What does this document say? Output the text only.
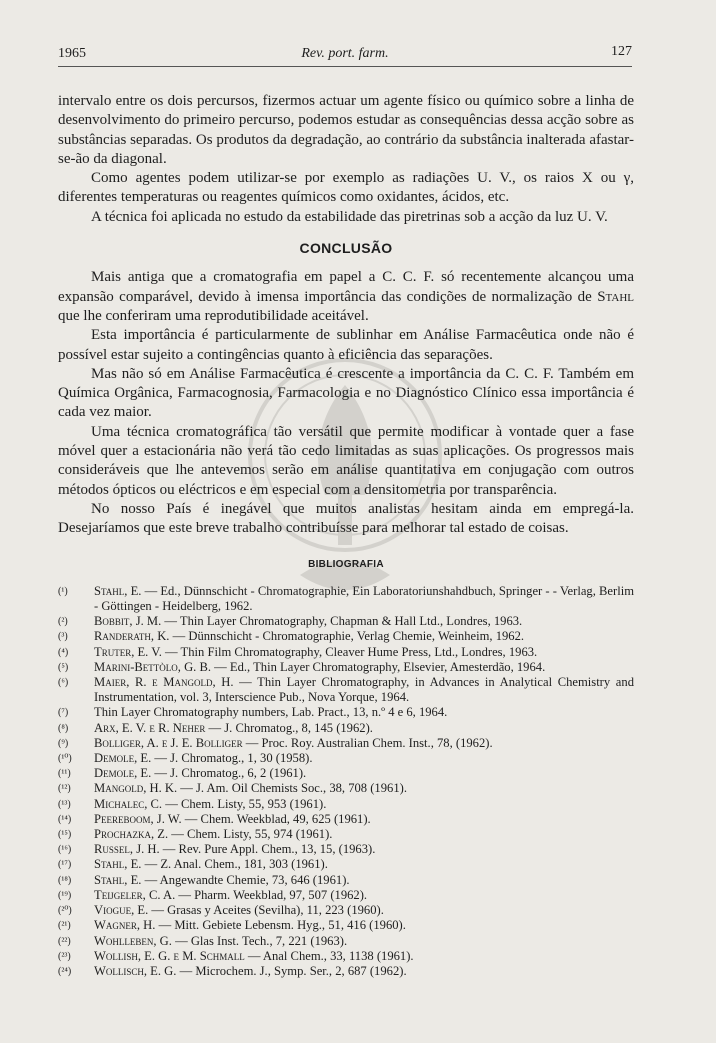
1965	Rev. port. farm.	127

intervalo entre os dois percursos, fizermos actuar um agente físico ou químico sobre a linha de desenvolvimento do primeiro percurso, podemos estudar as consequências dessa acção sobre as substâncias separadas. Os produtos da degradação, ao contrário da substância inalterada afastar-se-ão da diagonal.

Como agentes podem utilizar-se por exemplo as radiações U. V., os raios X ou γ, diferentes temperaturas ou reagentes químicos como oxidantes, ácidos, etc.

A técnica foi aplicada no estudo da estabilidade das piretrinas sob a acção da luz U. V.

CONCLUSÃO

Mais antiga que a cromatografia em papel a C. C. F. só recentemente alcançou uma expansão comparável, devido à imensa importância das condições de normalização de Stahl que lhe conferiram uma reprodutibilidade aceitável.

Esta importância é particularmente de sublinhar em Análise Farmacêutica onde não é possível estar sujeito a contingências quanto à eficiência das separações.

Mas não só em Análise Farmacêutica é crescente a importância da C. C. F. Também em Química Orgânica, Farmacognosia, Farmacologia e no Diagnóstico Clínico essa importância é cada vez maior.

Uma técnica cromatográfica tão versátil que permite modificar à vontade quer a fase móvel quer a estacionária não verá tão cedo limitadas as suas aplicações. Os progressos mais consideráveis que lhe antevemos serão em análise quantitativa em conjugação com outros métodos ópticos ou eléctricos e em especial com a densitometria por transparência.

No nosso País é inegável que muitos analistas hesitam ainda em empregá-la. Desejaríamos que este breve trabalho contribuísse para melhorar tal estado de coisas.

BIBLIOGRAFIA
(¹) Stahl, E. — Ed., Dünnschicht - Chromatographie, Ein Laboratoriunshahdbuch, Springer - - Verlag, Berlim - Göttingen - Heidelberg, 1962.
(²) Bobbit, J. M. — Thin Layer Chromatography, Chapman & Hall Ltd., Londres, 1963.
(³) Randerath, K. — Dünnschicht - Chromatographie, Verlag Chemie, Weinheim, 1962.
(⁴) Truter, E. V. — Thin Film Chromatography, Cleaver Hume Press, Ltd., Londres, 1963.
(⁵) Marini-Bettòlo, G. B. — Ed., Thin Layer Chromatography, Elsevier, Amesterdão, 1964.
(⁶) Maier, R. e Mangold, H. — Thin Layer Chromatography, in Advances in Analytical Chemistry and Instrumentation, vol. 3, Interscience Pub., Nova Yorque, 1964.
(⁷) Thin Layer Chromatography numbers, Lab. Pract., 13, n.º 4 e 6, 1964.
(⁸) Arx, E. V. e R. Neher — J. Chromatog., 8, 145 (1962).
(⁹) Bolliger, A. e J. E. Bolliger — Proc. Roy. Australian Chem. Inst., 78, (1962).
(¹⁰) Demole, E. — J. Chromatog., 1, 30 (1958).
(¹¹) Demole, E. — J. Chromatog., 6, 2 (1961).
(¹²) Mangold, H. K. — J. Am. Oil Chemists Soc., 38, 708 (1961).
(¹³) Michalec, C. — Chem. Listy, 55, 953 (1961).
(¹⁴) Peereboom, J. W. — Chem. Weekblad, 49, 625 (1961).
(¹⁵) Prochazka, Z. — Chem. Listy, 55, 974 (1961).
(¹⁶) Russel, J. H. — Rev. Pure Appl. Chem., 13, 15, (1963).
(¹⁷) Stahl, E. — Z. Anal. Chem., 181, 303 (1961).
(¹⁸) Stahl, E. — Angewandte Chemie, 73, 646 (1961).
(¹⁹) Teijgeler, C. A. — Pharm. Weekblad, 97, 507 (1962).
(²⁰) Viogue, E. — Grasas y Aceites (Sevilha), 11, 223 (1960).
(²¹) Wagner, H. — Mitt. Gebiete Lebensm. Hyg., 51, 416 (1960).
(²²) Wohlleben, G. — Glas Inst. Tech., 7, 221 (1963).
(²³) Wollish, E. G. e M. Schmall — Anal Chem., 33, 1138 (1961).
(²⁴) Wollisch, E. G. — Microchem. J., Symp. Ser., 2, 687 (1962).
